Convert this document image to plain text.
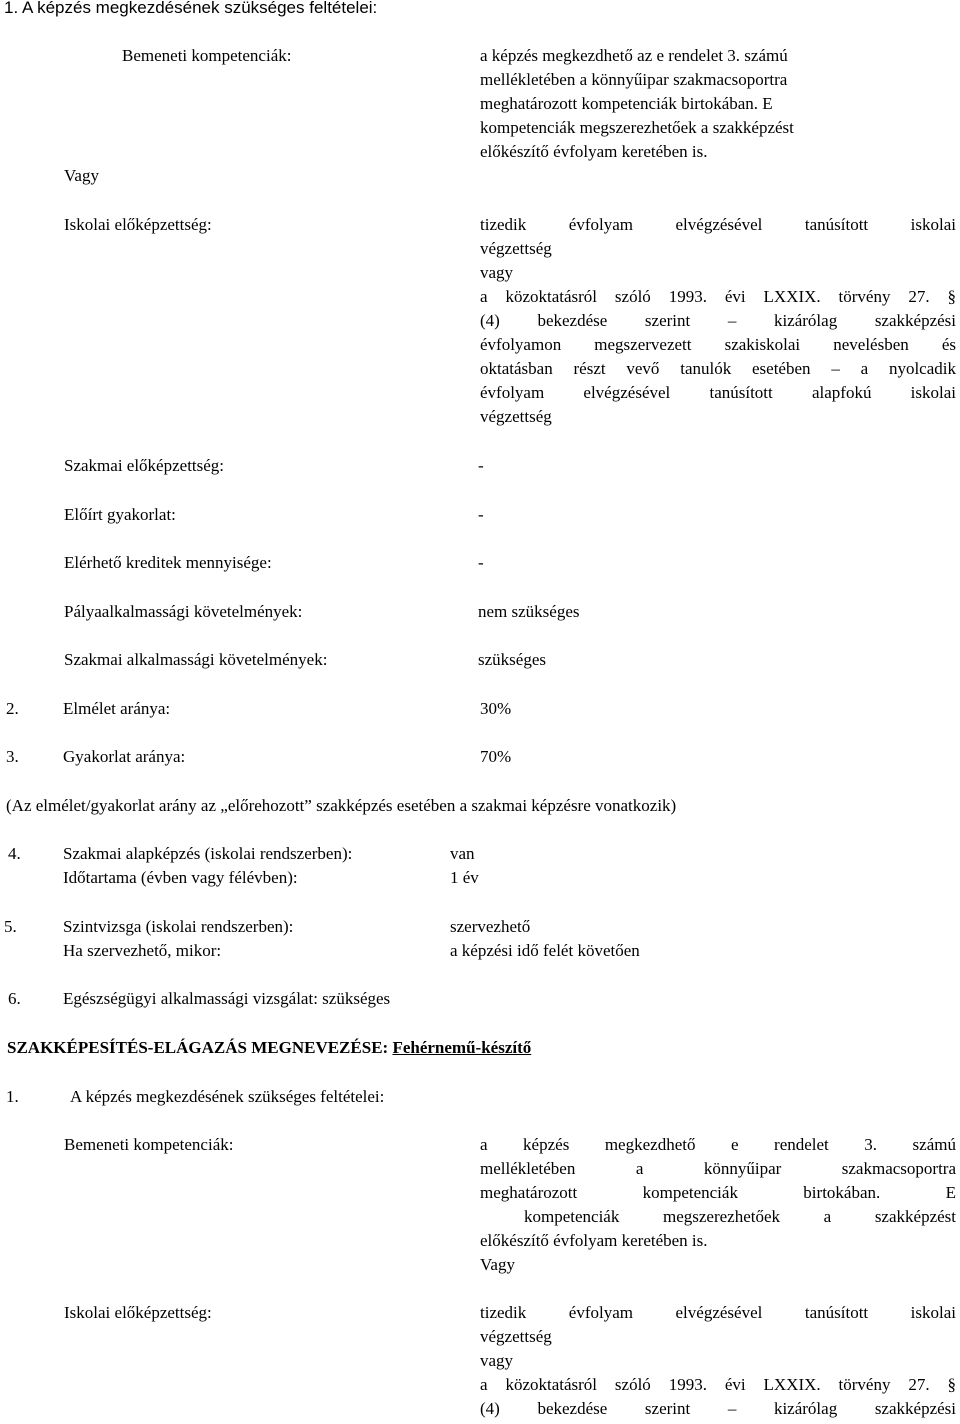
1. A képzés megkezdésének szükséges feltételei:
Bemeneti kompetenciák:	a képzés megkezdhető az e rendelet 3. számú
mellékletében a könnyűipar szakmacsoportra
meghatározott kompetenciák birtokában. E
kompetenciák megszerezhetőek a szakképzést
előkészítő évfolyam keretében is.
Vagy
Iskolai előképzettség:	tizedik évfolyam elvégzésével tanúsított iskolai
végzettség
vagy
a közoktatásról szóló 1993. évi LXXIX. törvény 27. §
(4) bekezdése szerint – kizárólag szakképzési
évfolyamon megszervezett szakiskolai nevelésben és
oktatásban részt vevő tanulók esetében – a nyolcadik
évfolyam elvégzésével tanúsított alapfokú iskolai
végzettség
Szakmai előképzettség:	-
Előírt gyakorlat:	-
Elérhető kreditek mennyisége:	-
Pályaalkalmassági követelmények:	nem szükséges
Szakmai alkalmassági követelmények:	szükséges
2.	Elmélet aránya:	30%
3.	Gyakorlat aránya:	70%
(Az elmélet/gyakorlat arány az „előrehozott” szakképzés esetében a szakmai képzésre vonatkozik)
4. Szakmai alapképzés (iskolai rendszerben):	van
Időtartama (évben vagy félévben):	1 év
5.	Szintvizsga (iskolai rendszerben):	szervezhető
Ha szervezhető, mikor:	a képzési idő felét követően
6. Egészségügyi alkalmassági vizsgálat: szükséges
SZAKKÉPESÍTÉS-ELÁGAZÁS MEGNEVEZÉSE: Fehérnemű-készítő
1.	A képzés megkezdésének szükséges feltételei:
Bemeneti kompetenciák:	a képzés megkezdhető e rendelet 3. számú
mellékletében a könnyűipar szakmacsoportra
meghatározott kompetenciák birtokában. E
kompetenciák megszerezhetőek a szakképzést
előkészítő évfolyam keretében is.
Vagy
Iskolai előképzettség:	tizedik évfolyam elvégzésével tanúsított iskolai
végzettség
vagy
a közoktatásról szóló 1993. évi LXXIX. törvény 27. §
(4) bekezdése szerint – kizárólag szakképzési
